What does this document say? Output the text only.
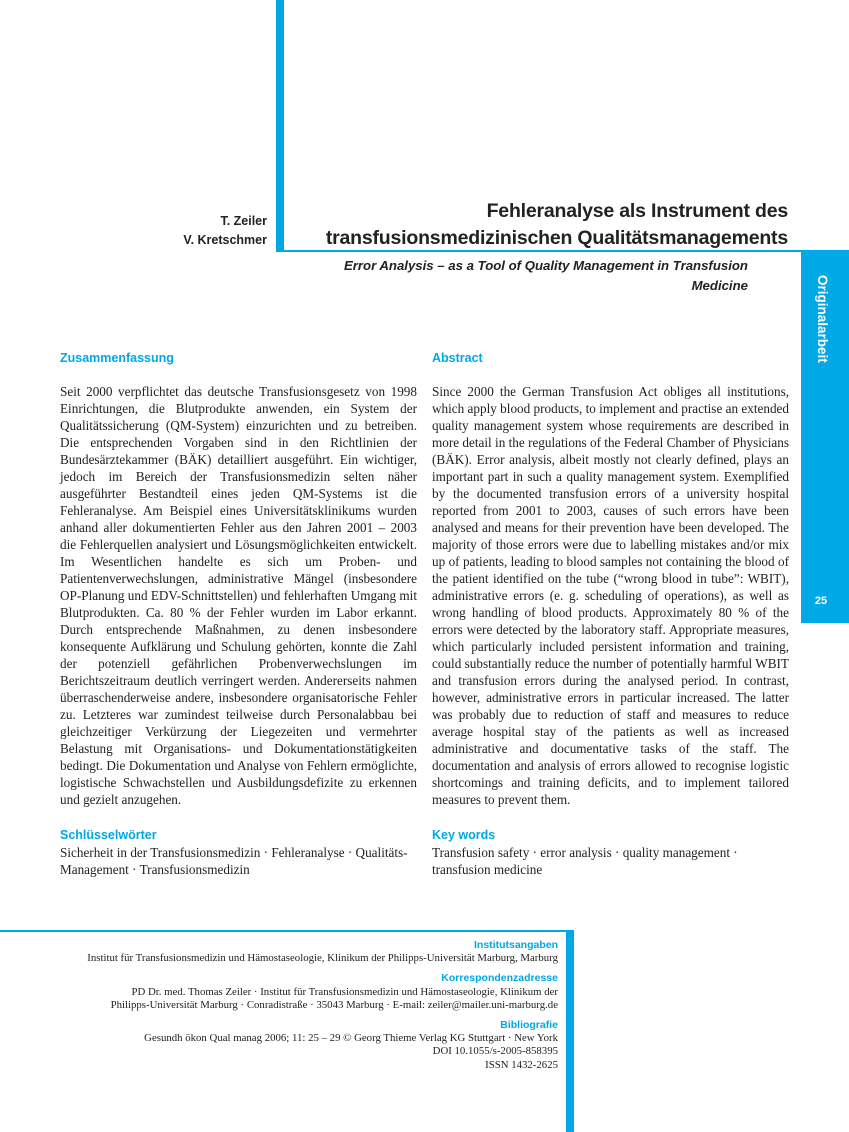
Originalarbeit
25
T. Zeiler
V. Kretschmer
Fehleranalyse als Instrument des
transfusionsmedizinischen Qualitätsmanagements
Error Analysis – as a Tool of Quality Management in Transfusion Medicine
Zusammenfassung

Seit 2000 verpflichtet das deutsche Transfusionsgesetz von 1998 Einrichtungen, die Blutprodukte anwenden, ein System der Qualitätssicherung (QM-System) einzurichten und zu betreiben. Die entsprechenden Vorgaben sind in den Richtlinien der Bundesärztekammer (BÄK) detailliert ausgeführt. Ein wichtiger, jedoch im Bereich der Transfusionsmedizin selten näher ausgeführter Bestandteil eines jeden QM-Systems ist die Fehleranalyse. Am Beispiel eines Universitätsklinikums wurden anhand aller dokumentierten Fehler aus den Jahren 2001 – 2003 die Fehlerquellen analysiert und Lösungsmöglichkeiten entwickelt. Im Wesentlichen handelte es sich um Proben- und Patientenverwechslungen, administrative Mängel (insbesondere OP-Planung und EDV-Schnittstellen) und fehlerhaften Umgang mit Blutprodukten. Ca. 80 % der Fehler wurden im Labor erkannt. Durch entsprechende Maßnahmen, zu denen insbesondere konsequente Aufklärung und Schulung gehörten, konnte die Zahl der potenziell gefährlichen Probenverwechslungen im Berichtszeitraum deutlich verringert werden. Andererseits nahmen überraschenderweise andere, insbesondere organisatorische Fehler zu. Letzteres war zumindest teilweise durch Personalabbau bei gleichzeitiger Verkürzung der Liegezeiten und vermehrter Belastung mit Organisations- und Dokumentationstätigkeiten bedingt. Die Dokumentation und Analyse von Fehlern ermöglichte, logistische Schwachstellen und Ausbildungsdefizite zu erkennen und gezielt anzugehen.

Schlüsselwörter

Sicherheit in der Transfusionsmedizin · Fehleranalyse · Qualitäts-Management · Transfusionsmedizin

Abstract

Since 2000 the German Transfusion Act obliges all institutions, which apply blood products, to implement and practise an extended quality management system whose requirements are described in more detail in the regulations of the Federal Chamber of Physicians (BÄK). Error analysis, albeit mostly not clearly defined, plays an important part in such a quality management system. Exemplified by the documented transfusion errors of a university hospital reported from 2001 to 2003, causes of such errors have been analysed and means for their prevention have been developed. The majority of those errors were due to labelling mistakes and/or mix up of patients, leading to blood samples not containing the blood of the patient identified on the tube (“wrong blood in tube”: WBIT), administrative errors (e. g. scheduling of operations), as well as wrong handling of blood products. Approximately 80 % of the errors were detected by the laboratory staff. Appropriate measures, which particularly included persistent information and training, could substantially reduce the number of potentially harmful WBIT and transfusion errors during the analysed period. In contrast, however, administrative errors in particular increased. The latter was probably due to reduction of staff and measures to reduce average hospital stay of the patients as well as increased administrative and documentative tasks of the staff. The documentation and analysis of errors allowed to recognise logistic shortcomings and training deficits, and to implement tailored measures to prevent them.

Key words

Transfusion safety · error analysis · quality management · transfusion medicine

Institutsangaben
Institut für Transfusionsmedizin und Hämostaseologie, Klinikum der Philipps-Universität Marburg, Marburg
Korrespondenzadresse
PD Dr. med. Thomas Zeiler · Institut für Transfusionsmedizin und Hämostaseologie, Klinikum der
Philipps-Universität Marburg · Conradistraße · 35043 Marburg · E-mail: zeiler@mailer.uni-marburg.de
Bibliografie
Gesundh ökon Qual manag 2006; 11: 25 – 29 © Georg Thieme Verlag KG Stuttgart · New York
DOI 10.1055/s-2005-858395
ISSN 1432-2625
